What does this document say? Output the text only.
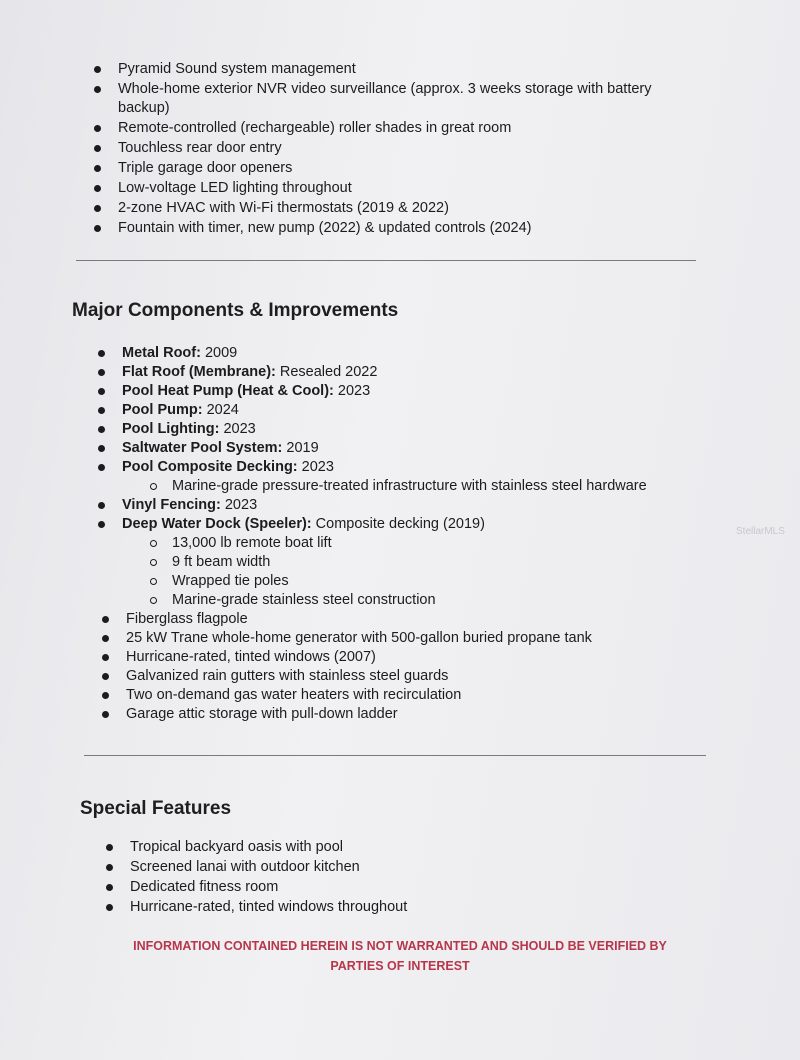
Pyramid Sound system management
Whole-home exterior NVR video surveillance (approx. 3 weeks storage with battery backup)
Remote-controlled (rechargeable) roller shades in great room
Touchless rear door entry
Triple garage door openers
Low-voltage LED lighting throughout
2-zone HVAC with Wi-Fi thermostats (2019 & 2022)
Fountain with timer, new pump (2022) & updated controls (2024)
Major Components & Improvements
Metal Roof: 2009
Flat Roof (Membrane): Resealed 2022
Pool Heat Pump (Heat & Cool): 2023
Pool Pump: 2024
Pool Lighting: 2023
Saltwater Pool System: 2019
Pool Composite Decking: 2023
Marine-grade pressure-treated infrastructure with stainless steel hardware
Vinyl Fencing: 2023
Deep Water Dock (Speeler): Composite decking (2019)
13,000 lb remote boat lift
9 ft beam width
Wrapped tie poles
Marine-grade stainless steel construction
Fiberglass flagpole
25 kW Trane whole-home generator with 500-gallon buried propane tank
Hurricane-rated, tinted windows (2007)
Galvanized rain gutters with stainless steel guards
Two on-demand gas water heaters with recirculation
Garage attic storage with pull-down ladder
StellarMLS
Special Features
Tropical backyard oasis with pool
Screened lanai with outdoor kitchen
Dedicated fitness room
Hurricane-rated, tinted windows throughout
INFORMATION CONTAINED HEREIN IS NOT WARRANTED AND SHOULD BE VERIFIED BY
PARTIES OF INTEREST
